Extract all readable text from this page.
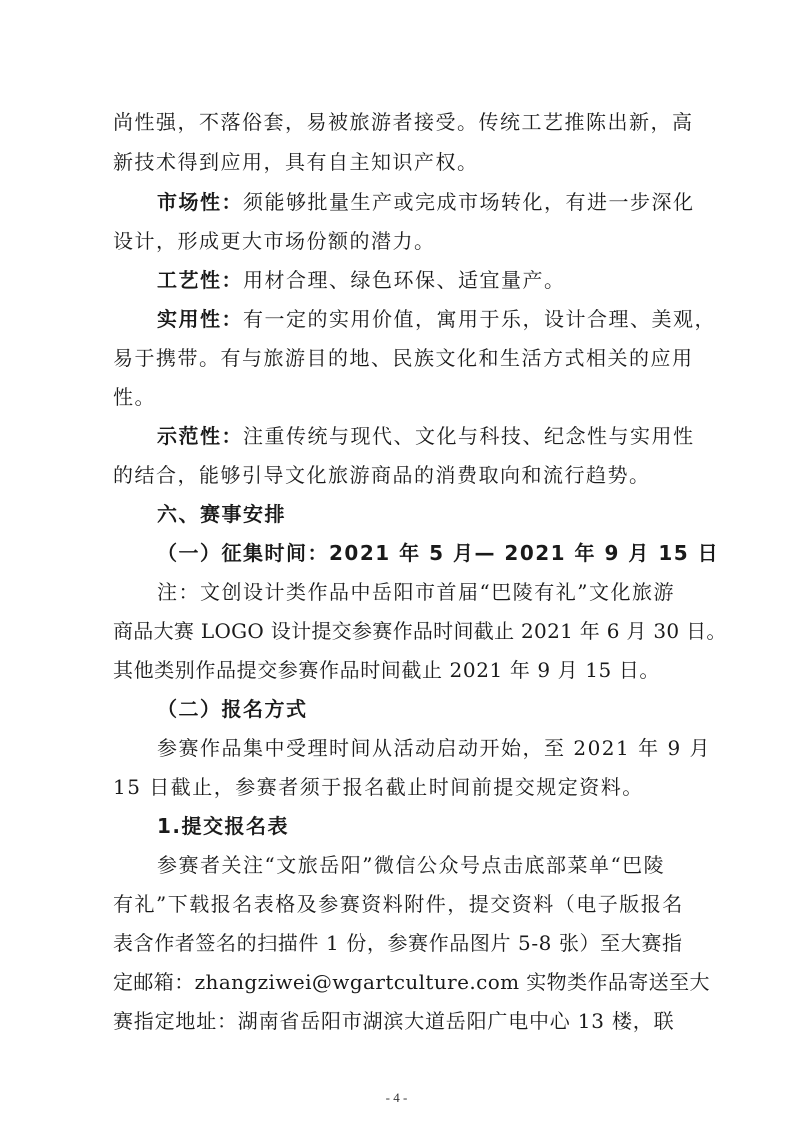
尚性强，不落俗套，易被旅游者接受。传统工艺推陈出新，高
新技术得到应用，具有自主知识产权。
市场性：须能够批量生产或完成市场转化，有进一步深化
设计，形成更大市场份额的潜力。
工艺性：用材合理、绿色环保、适宜量产。
实用性：有一定的实用价值，寓用于乐，设计合理、美观，
易于携带。有与旅游目的地、民族文化和生活方式相关的应用
性。
示范性：注重传统与现代、文化与科技、纪念性与实用性
的结合，能够引导文化旅游商品的消费取向和流行趋势。
六、赛事安排
（一）征集时间：2021 年 5 月— 2021 年 9 月 15 日
注：文创设计类作品中岳阳市首届“巴陵有礼”文化旅游
商品大赛 LOGO 设计提交参赛作品时间截止 2021 年 6 月 30 日。
其他类别作品提交参赛作品时间截止 2021 年 9 月 15 日。
（二）报名方式
参赛作品集中受理时间从活动启动开始，至 2021 年 9 月
15 日截止，参赛者须于报名截止时间前提交规定资料。
1.提交报名表
参赛者关注“文旅岳阳”微信公众号点击底部菜单“巴陵
有礼”下载报名表格及参赛资料附件，提交资料（电子版报名
表含作者签名的扫描件 1 份，参赛作品图片 5-8 张）至大赛指
定邮箱：zhangziwei@wgartculture.com 实物类作品寄送至大
赛指定地址：湖南省岳阳市湖滨大道岳阳广电中心 13 楼，联
- 4 -
